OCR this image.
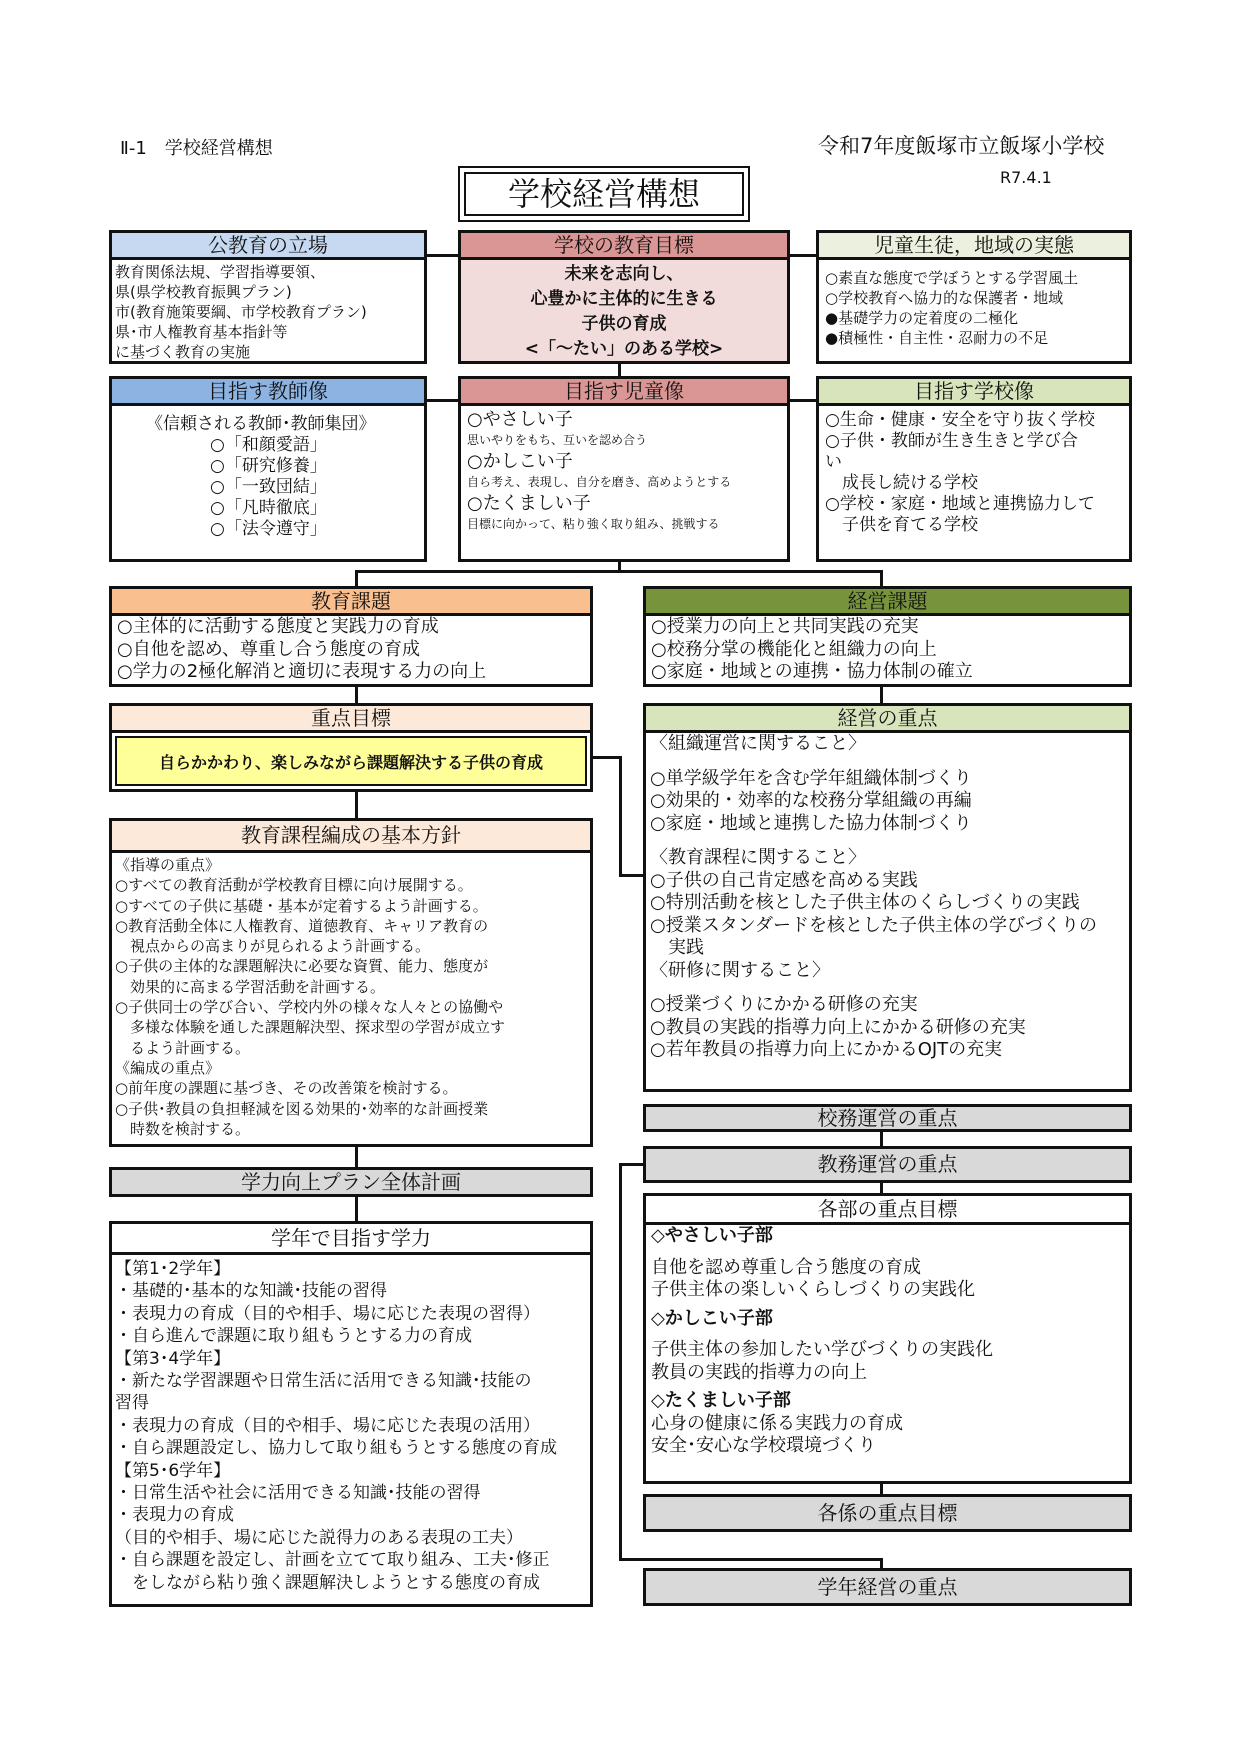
Ⅱ-1　学校経営構想	令和7年度飯塚市立飯塚小学校
R7.4.1
学校経営構想
公教育の立場

教育関係法規、学習指導要領、

県(県学校教育振興プラン)

市(教育施策要綱、市学校教育プラン)

県･市人権教育基本指針等

に基づく教育の実施

学校の教育目標

未来を志向し、

心豊かに主体的に生きる

子供の育成

<「～たい」のある学校>

児童生徒，地域の実態

○素直な態度で学ぼうとする学習風土

○学校教育へ協力的な保護者・地域

●基礎学力の定着度の二極化

●積極性・自主性・忍耐力の不足

目指す教師像

《信頼される教師･教師集団》

○「和顔愛語」

○「研究修養」

○「一致団結」

○「凡時徹底」

○「法令遵守」

目指す児童像

○やさしい子

思いやりをもち、互いを認め合う

○かしこい子

自ら考え、表現し、自分を磨き、高めようとする

○たくましい子

目標に向かって、粘り強く取り組み、挑戦する

目指す学校像

○生命・健康・安全を守り抜く学校

○子供・教師が生き生きと学び合

い

　成長し続ける学校

○学校・家庭・地域と連携協力して

　子供を育てる学校

教育課題

○主体的に活動する態度と実践力の育成

○自他を認め、尊重し合う態度の育成

○学力の2極化解消と適切に表現する力の向上

経営課題

○授業力の向上と共同実践の充実

○校務分掌の機能化と組織力の向上

○家庭・地域との連携・協力体制の確立

重点目標
自らかかわり、楽しみながら課題解決する子供の育成
教育課程編成の基本方針

《指導の重点》

○すべての教育活動が学校教育目標に向け展開する。

○すべての子供に基礎・基本が定着するよう計画する。

○教育活動全体に人権教育、道徳教育、キャリア教育の

　視点からの高まりが見られるよう計画する。

○子供の主体的な課題解決に必要な資質、能力、態度が

　効果的に高まる学習活動を計画する。

○子供同士の学び合い、学校内外の様々な人々との協働や

　多様な体験を通した課題解決型、探求型の学習が成立す

　るよう計画する。

《編成の重点》

○前年度の課題に基づき、その改善策を検討する。

○子供･教員の負担軽減を図る効果的･効率的な計画授業

　時数を検討する。

経営の重点

〈組織運営に関すること〉

○単学級学年を含む学年組織体制づくり

○効果的・効率的な校務分掌組織の再編

○家庭・地域と連携した協力体制づくり

〈教育課程に関すること〉

○子供の自己肯定感を高める実践

○特別活動を核とした子供主体のくらしづくりの実践

○授業スタンダードを核とした子供主体の学びづくりの

　実践

〈研修に関すること〉

○授業づくりにかかる研修の充実

○教員の実践的指導力向上にかかる研修の充実

○若年教員の指導力向上にかかるOJTの充実

校務運営の重点
教務運営の重点
学力向上プラン全体計画
学年で目指す学力

【第1･2学年】

・基礎的･基本的な知識･技能の習得

・表現力の育成（目的や相手、場に応じた表現の習得）

・自ら進んで課題に取り組もうとする力の育成

【第3･4学年】

・新たな学習課題や日常生活に活用できる知識･技能の

習得

・表現力の育成（目的や相手、場に応じた表現の活用）

・自ら課題設定し、協力して取り組もうとする態度の育成

【第5･6学年】

・日常生活や社会に活用できる知識･技能の習得

・表現力の育成

（目的や相手、場に応じた説得力のある表現の工夫）

・自ら課題を設定し、計画を立てて取り組み、工夫･修正

　をしながら粘り強く課題解決しようとする態度の育成

各部の重点目標

◇やさしい子部

自他を認め尊重し合う態度の育成

子供主体の楽しいくらしづくりの実践化

◇かしこい子部

子供主体の参加したい学びづくりの実践化

教員の実践的指導力の向上

◇たくましい子部

心身の健康に係る実践力の育成

安全･安心な学校環境づくり

各係の重点目標
学年経営の重点
